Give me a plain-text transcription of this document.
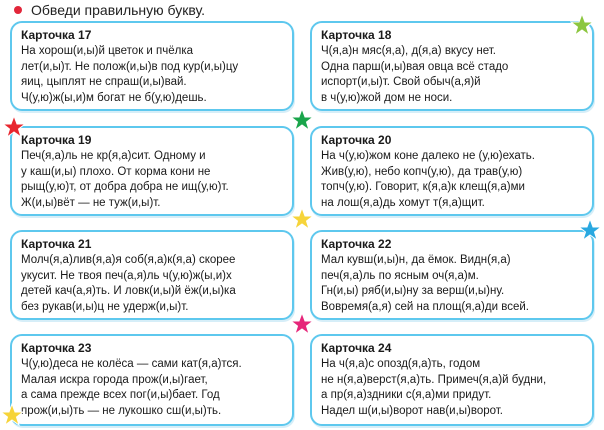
Обведи правильную букву.
Карточка 17
На хорош(и,ы)й цветок и пчёлка
лет(и,ы)т. Не полож(и,ы)в под кур(и,ы)цу
яиц, цыплят не спраш(и,ы)вай.
Ч(у,ю)ж(ы,и)м богат не б(у,ю)дешь.
Карточка 18
Ч(я,а)н мяс(я,а), д(я,а) вкусу нет.
Одна парш(и,ы)вая овца всё стадо
испорт(и,ы)т. Свой обыч(а,я)й
в ч(у,ю)жой дом не носи.
Карточка 19
Печ(я,а)ль не кр(я,а)сит. Одному и
у каш(и,ы) плохо. От корма кони не
рыщ(у,ю)т, от добра добра не ищ(у,ю)т.
Ж(и,ы)вёт — не туж(и,ы)т.
Карточка 20
На ч(у,ю)жом коне далеко не (у,ю)ехать.
Жив(у,ю), небо копч(у,ю), да трав(у,ю)
топч(у,ю). Говорит, к(я,а)к клещ(я,а)ми
на лош(я,а)дь хомут т(я,а)щит.
Карточка 21
Молч(я,а)лив(я,а)я соб(я,а)к(я,а) скорее
укусит. Не твоя печ(а,я)ль ч(у,ю)ж(ы,и)х
детей кач(а,я)ть. И ловк(и,ы)й ёж(и,ы)ка
без рукав(и,ы)ц не удерж(и,ы)т.
Карточка 22
Мал кувш(и,ы)н, да ёмок. Видн(я,а)
печ(я,а)ль по ясным оч(я,а)м.
Гн(и,ы) ряб(и,ы)ну за верш(и,ы)ну.
Вовремя(а,я) сей на площ(я,а)ди всей.
Карточка 23
Ч(у,ю)десa не колёса — сами кат(я,а)тся.
Малая искра города прож(и,ы)гает,
а сама прежде всех пог(и,ы)бает. Год
прож(и,ы)ть — не лукошко сш(и,ы)ть.
Карточка 24
На ч(я,а)с опозд(я,а)ть, годом
не н(я,а)верст(я,а)ть. Примеч(я,а)й будни,
а пр(я,а)здники с(я,а)ми придут.
Надел ш(и,ы)ворот нав(и,ы)ворот.
